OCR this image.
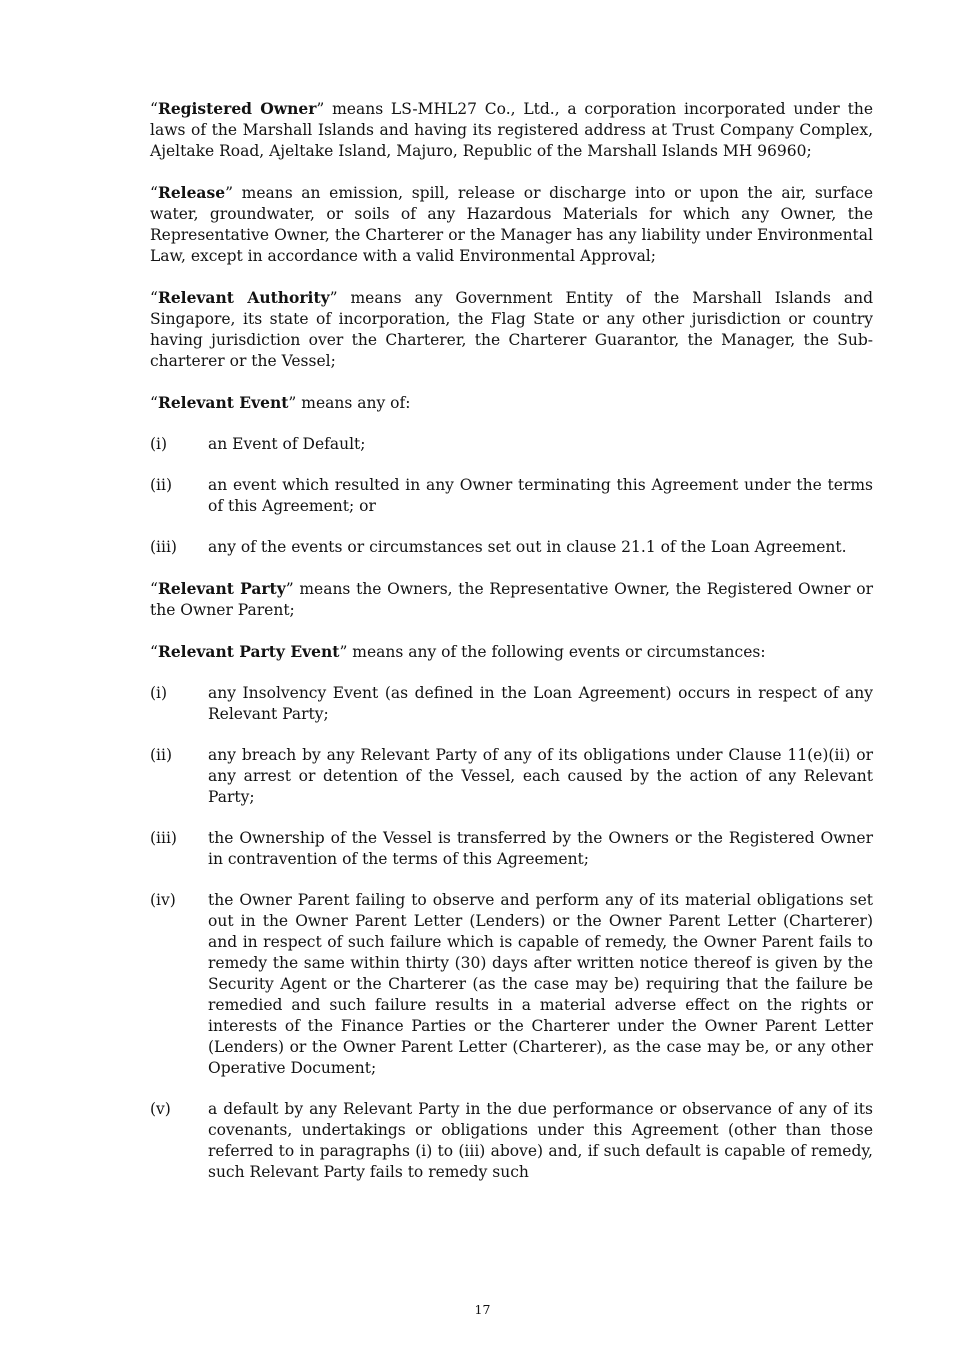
“Registered Owner” means LS-MHL27 Co., Ltd., a corporation incorporated under the laws of the Marshall Islands and having its registered address at Trust Company Complex, Ajeltake Road, Ajeltake Island, Majuro, Republic of the Marshall Islands MH 96960;

“Release” means an emission, spill, release or discharge into or upon the air, surface water, groundwater, or soils of any Hazardous Materials for which any Owner, the Representative Owner, the Charterer or the Manager has any liability under Environmental Law, except in accordance with a valid Environmental Approval;

“Relevant Authority” means any Government Entity of the Marshall Islands and Singapore, its state of incorporation, the Flag State or any other jurisdiction or country having jurisdiction over the Charterer, the Charterer Guarantor, the Manager, the Sub-charterer or the Vessel;

“Relevant Event” means any of:

(i)	an Event of Default;
(ii)	an event which resulted in any Owner terminating this Agreement under the terms of this Agreement; or
(iii)	any of the events or circumstances set out in clause 21.1 of the Loan Agreement.

“Relevant Party” means the Owners, the Representative Owner, the Registered Owner or the Owner Parent;

“Relevant Party Event” means any of the following events or circumstances:

(i)	any Insolvency Event (as defined in the Loan Agreement) occurs in respect of any Relevant Party;
(ii)	any breach by any Relevant Party of any of its obligations under Clause 11(e)(ii) or any arrest or detention of the Vessel, each caused by the action of any Relevant Party;
(iii)	the Ownership of the Vessel is transferred by the Owners or the Registered Owner in contravention of the terms of this Agreement;
(iv)	the Owner Parent failing to observe and perform any of its material obligations set out in the Owner Parent Letter (Lenders) or the Owner Parent Letter (Charterer) and in respect of such failure which is capable of remedy, the Owner Parent fails to remedy the same within thirty (30) days after written notice thereof is given by the Security Agent or the Charterer (as the case may be) requiring that the failure be remedied and such failure results in a material adverse effect on the rights or interests of the Finance Parties or the Charterer under the Owner Parent Letter (Lenders) or the Owner Parent Letter (Charterer), as the case may be, or any other Operative Document;
(v)	a default by any Relevant Party in the due performance or observance of any of its covenants, undertakings or obligations under this Agreement (other than those referred to in paragraphs (i) to (iii) above) and, if such default is capable of remedy, such Relevant Party fails to remedy such
17
